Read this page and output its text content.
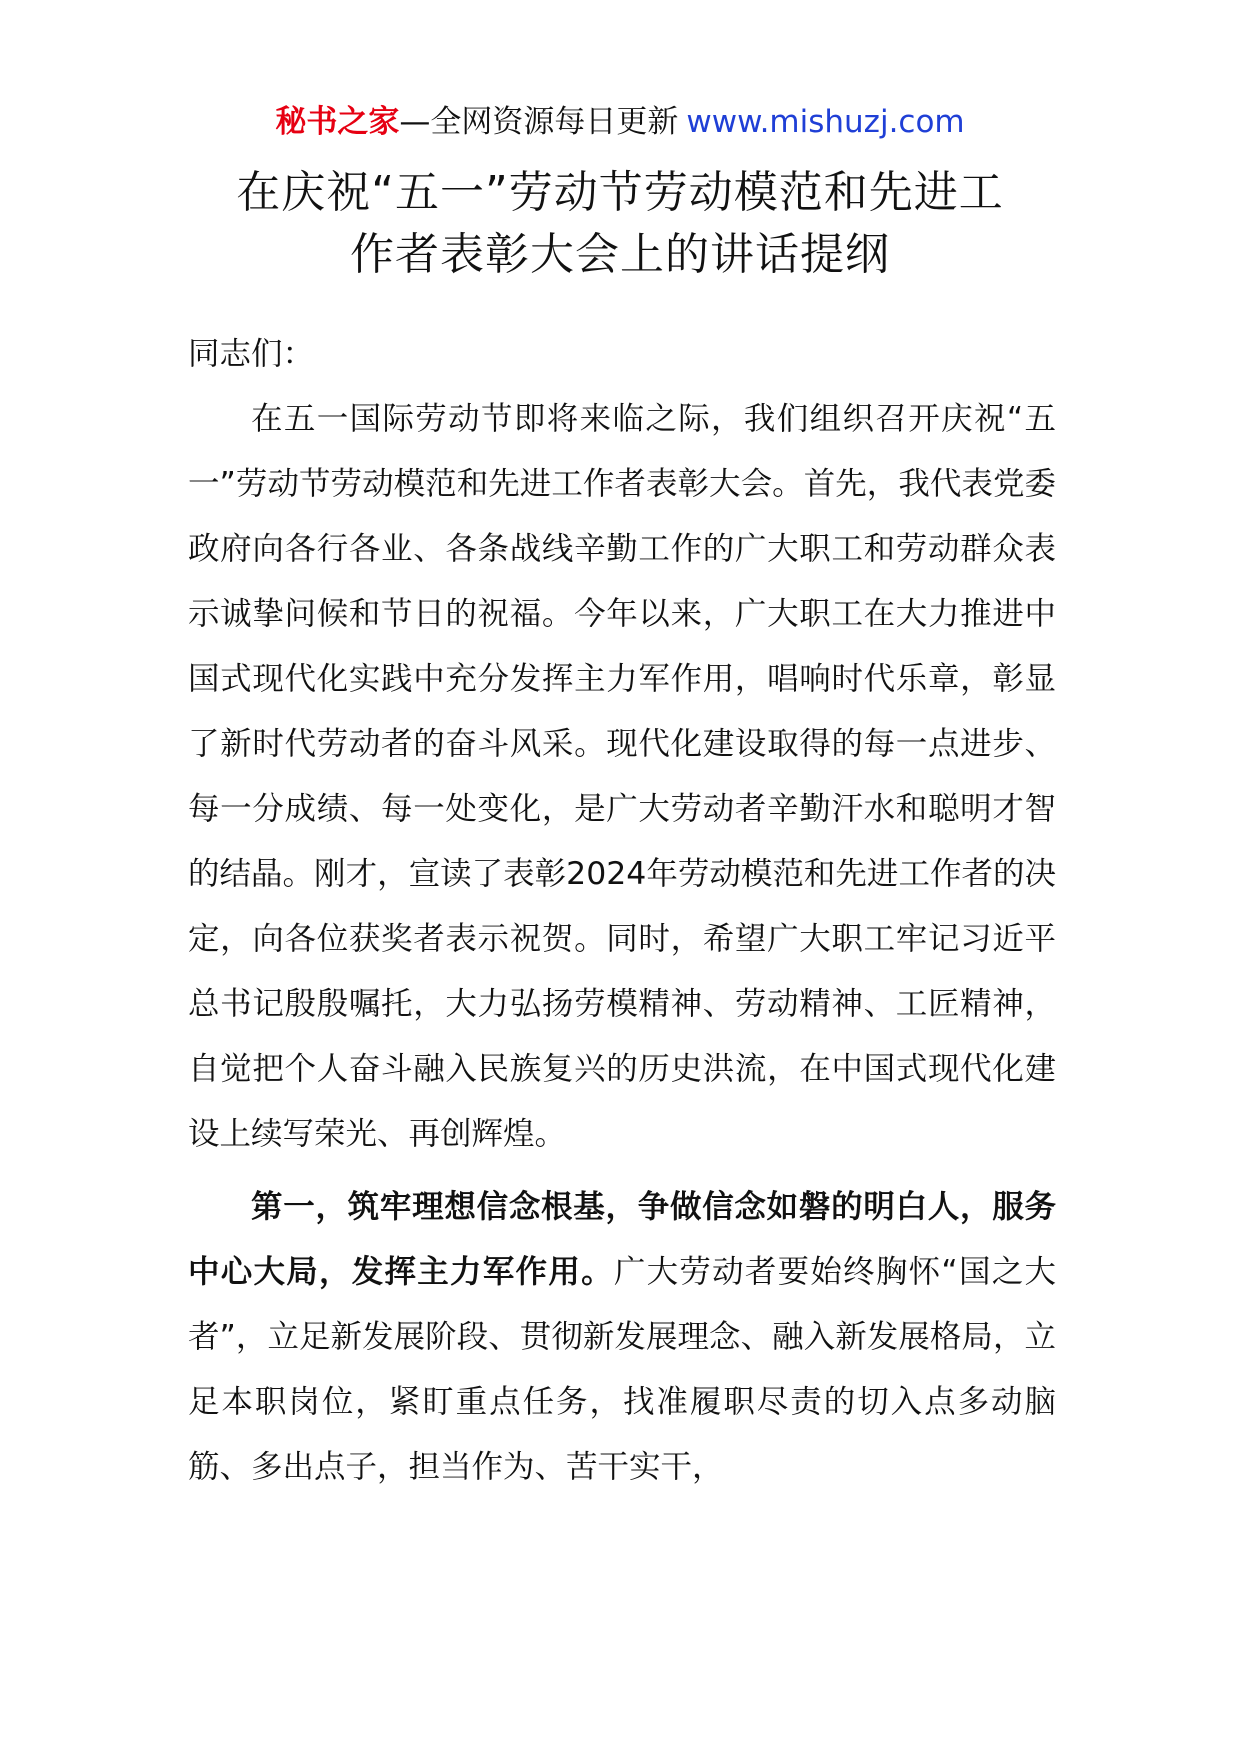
秘书之家—全网资源每日更新 www.mishuzj.com
在庆祝“五一”劳动节劳动模范和先进工
作者表彰大会上的讲话提纲

同志们：

在五一国际劳动节即将来临之际，我们组织召开庆祝“五一”劳动节劳动模范和先进工作者表彰大会。首先，我代表党委政府向各行各业、各条战线辛勤工作的广大职工和劳动群众表示诚挚问候和节日的祝福。今年以来，广大职工在大力推进中国式现代化实践中充分发挥主力军作用，唱响时代乐章，彰显了新时代劳动者的奋斗风采。现代化建设取得的每一点进步、每一分成绩、每一处变化，是广大劳动者辛勤汗水和聪明才智的结晶。刚才，宣读了表彰2024年劳动模范和先进工作者的决定，向各位获奖者表示祝贺。同时，希望广大职工牢记习近平总书记殷殷嘱托，大力弘扬劳模精神、劳动精神、工匠精神，自觉把个人奋斗融入民族复兴的历史洪流，在中国式现代化建设上续写荣光、再创辉煌。

第一，筑牢理想信念根基，争做信念如磐的明白人，服务中心大局，发挥主力军作用。广大劳动者要始终胸怀“国之大者”，立足新发展阶段、贯彻新发展理念、融入新发展格局，立足本职岗位，紧盯重点任务，找准履职尽责的切入点多动脑筋、多出点子，担当作为、苦干实干，
